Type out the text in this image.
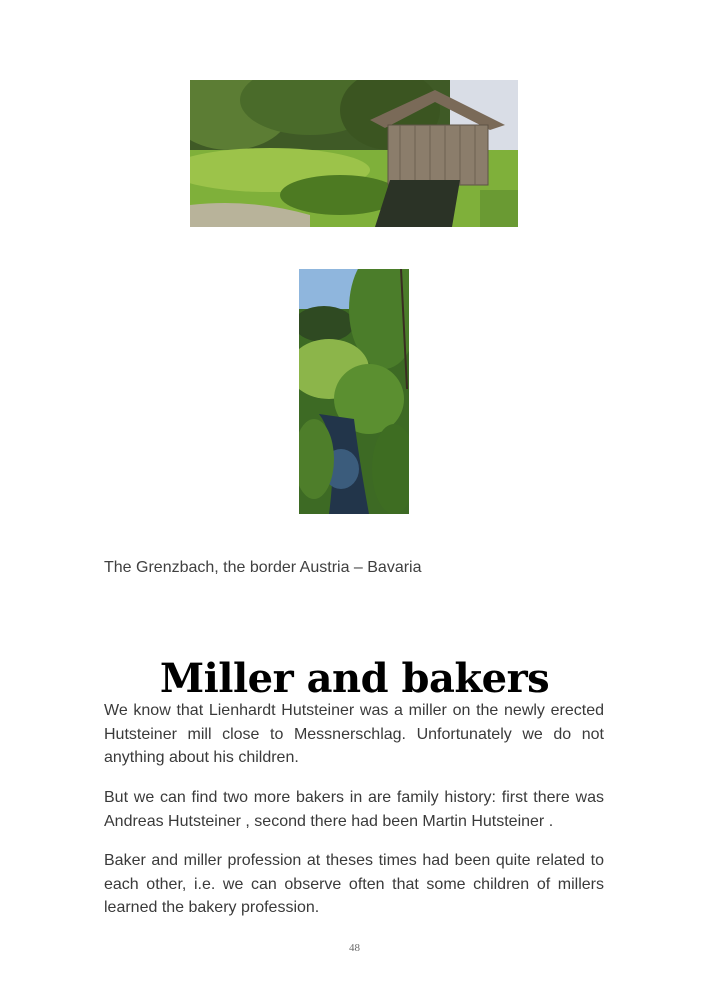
The Grenzbach, the border Austria – Bavaria
Miller and bakers

We know that Lienhardt Hutsteiner was a miller on the newly erected Hutsteiner mill close to Messnerschlag. Unfortunately we do not anything about his children.

But we can find two more bakers in are family history: first there was Andreas Hutsteiner , second there had been Martin Hutsteiner .

Baker and miller profession at theses times had been quite related to each other, i.e. we can observe often that some children of millers learned the bakery profession.

48
